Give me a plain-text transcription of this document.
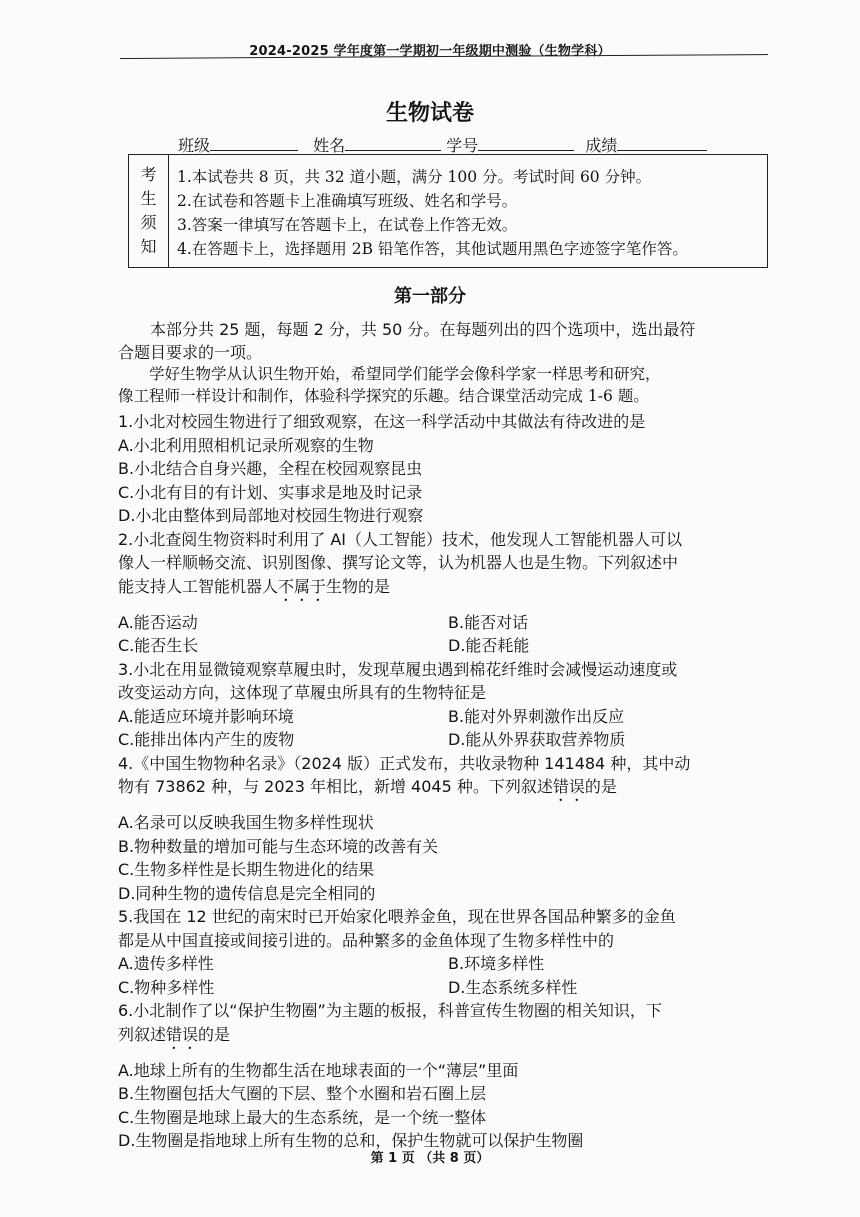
2024-2025 学年度第一学期初一年级期中测验（生物学科）
生物试卷
班级	姓名	学号	成绩
考
生
须
知
1.本试卷共 8 页，共 32 道小题，满分 100 分。考试时间 60 分钟。
2.在试卷和答题卡上准确填写班级、姓名和学号。
3.答案一律填写在答题卡上，在试卷上作答无效。
4.在答题卡上，选择题用 2B 铅笔作答，其他试题用黑色字迹签字笔作答。
第一部分

本部分共 25 题，每题 2 分，共 50 分。在每题列出的四个选项中，选出最符

合题目要求的一项。

学好生物学从认识生物开始，希望同学们能学会像科学家一样思考和研究，
像工程师一样设计和制作，体验科学探究的乐趣。结合课堂活动完成 1-6 题。

1.小北对校园生物进行了细致观察，在这一科学活动中其做法有待改进的是

A.小北利用照相机记录所观察的生物

B.小北结合自身兴趣，全程在校园观察昆虫

C.小北有目的有计划、实事求是地及时记录

D.小北由整体到局部地对校园生物进行观察

2.小北查阅生物资料时利用了 AI（人工智能）技术，他发现人工智能机器人可以

像人一样顺畅交流、识别图像、撰写论文等，认为机器人也是生物。下列叙述中

能支持人工智能机器人不属于生物的是

A.能否运动	B.能否对话
C.能否生长	D.能否耗能

3.小北在用显微镜观察草履虫时，发现草履虫遇到棉花纤维时会减慢运动速度或

改变运动方向，这体现了草履虫所具有的生物特征是

A.能适应环境并影响环境	B.能对外界刺激作出反应
C.能排出体内产生的废物	D.能从外界获取营养物质

4.《中国生物物种名录》（2024 版）正式发布，共收录物种 141484 种，其中动

物有 73862 种，与 2023 年相比，新增 4045 种。下列叙述错误的是

A.名录可以反映我国生物多样性现状

B.物种数量的增加可能与生态环境的改善有关

C.生物多样性是长期生物进化的结果

D.同种生物的遗传信息是完全相同的

5.我国在 12 世纪的南宋时已开始家化喂养金鱼，现在世界各国品种繁多的金鱼

都是从中国直接或间接引进的。品种繁多的金鱼体现了生物多样性中的

A.遗传多样性	B.环境多样性
C.物种多样性	D.生态系统多样性

6.小北制作了以“保护生物圈”为主题的板报，科普宣传生物圈的相关知识，下

列叙述错误的是

A.地球上所有的生物都生活在地球表面的一个“薄层”里面

B.生物圈包括大气圈的下层、整个水圈和岩石圈上层

C.生物圈是地球上最大的生态系统，是一个统一整体

D.生物圈是指地球上所有生物的总和，保护生物就可以保护生物圈

第 1 页 （共 8 页）
